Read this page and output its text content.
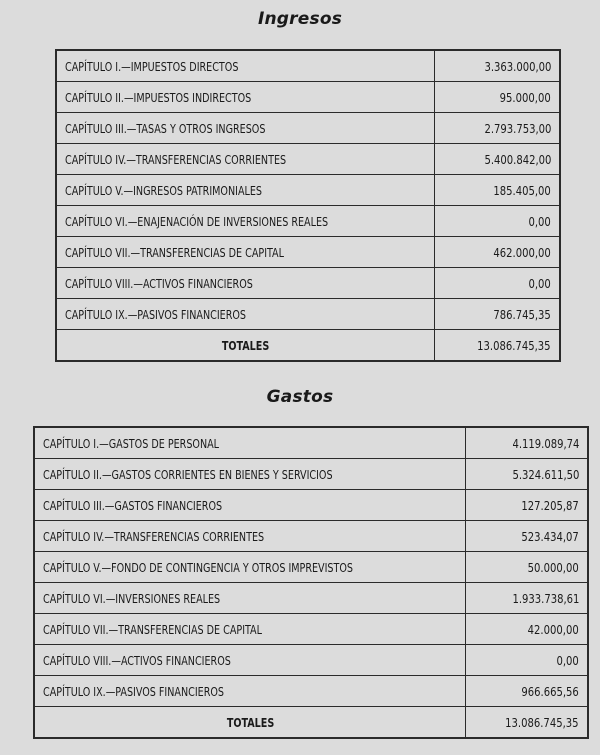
Ingresos
CAPÍTULO I.—IMPUESTOS DIRECTOS	3.363.000,00
CAPÍTULO II.—IMPUESTOS INDIRECTOS	95.000,00
CAPÍTULO III.—TASAS Y OTROS INGRESOS	2.793.753,00
CAPÍTULO IV.—TRANSFERENCIAS CORRIENTES	5.400.842,00
CAPÍTULO V.—INGRESOS PATRIMONIALES	185.405,00
CAPÍTULO VI.—ENAJENACIÓN DE INVERSIONES REALES	0,00
CAPÍTULO VII.—TRANSFERENCIAS DE CAPITAL	462.000,00
CAPÍTULO VIII.—ACTIVOS FINANCIEROS	0,00
CAPÍTULO IX.—PASIVOS FINANCIEROS	786.745,35
TOTALES	13.086.745,35
Gastos
CAPÍTULO I.—GASTOS DE PERSONAL	4.119.089,74
CAPÍTULO II.—GASTOS CORRIENTES EN BIENES Y SERVICIOS	5.324.611,50
CAPÍTULO III.—GASTOS FINANCIEROS	127.205,87
CAPÍTULO IV.—TRANSFERENCIAS CORRIENTES	523.434,07
CAPÍTULO V.—FONDO DE CONTINGENCIA Y OTROS IMPREVISTOS	50.000,00
CAPÍTULO VI.—INVERSIONES REALES	1.933.738,61
CAPÍTULO VII.—TRANSFERENCIAS DE CAPITAL	42.000,00
CAPÍTULO VIII.—ACTIVOS FINANCIEROS	0,00
CAPÍTULO IX.—PASIVOS FINANCIEROS	966.665,56
TOTALES	13.086.745,35
